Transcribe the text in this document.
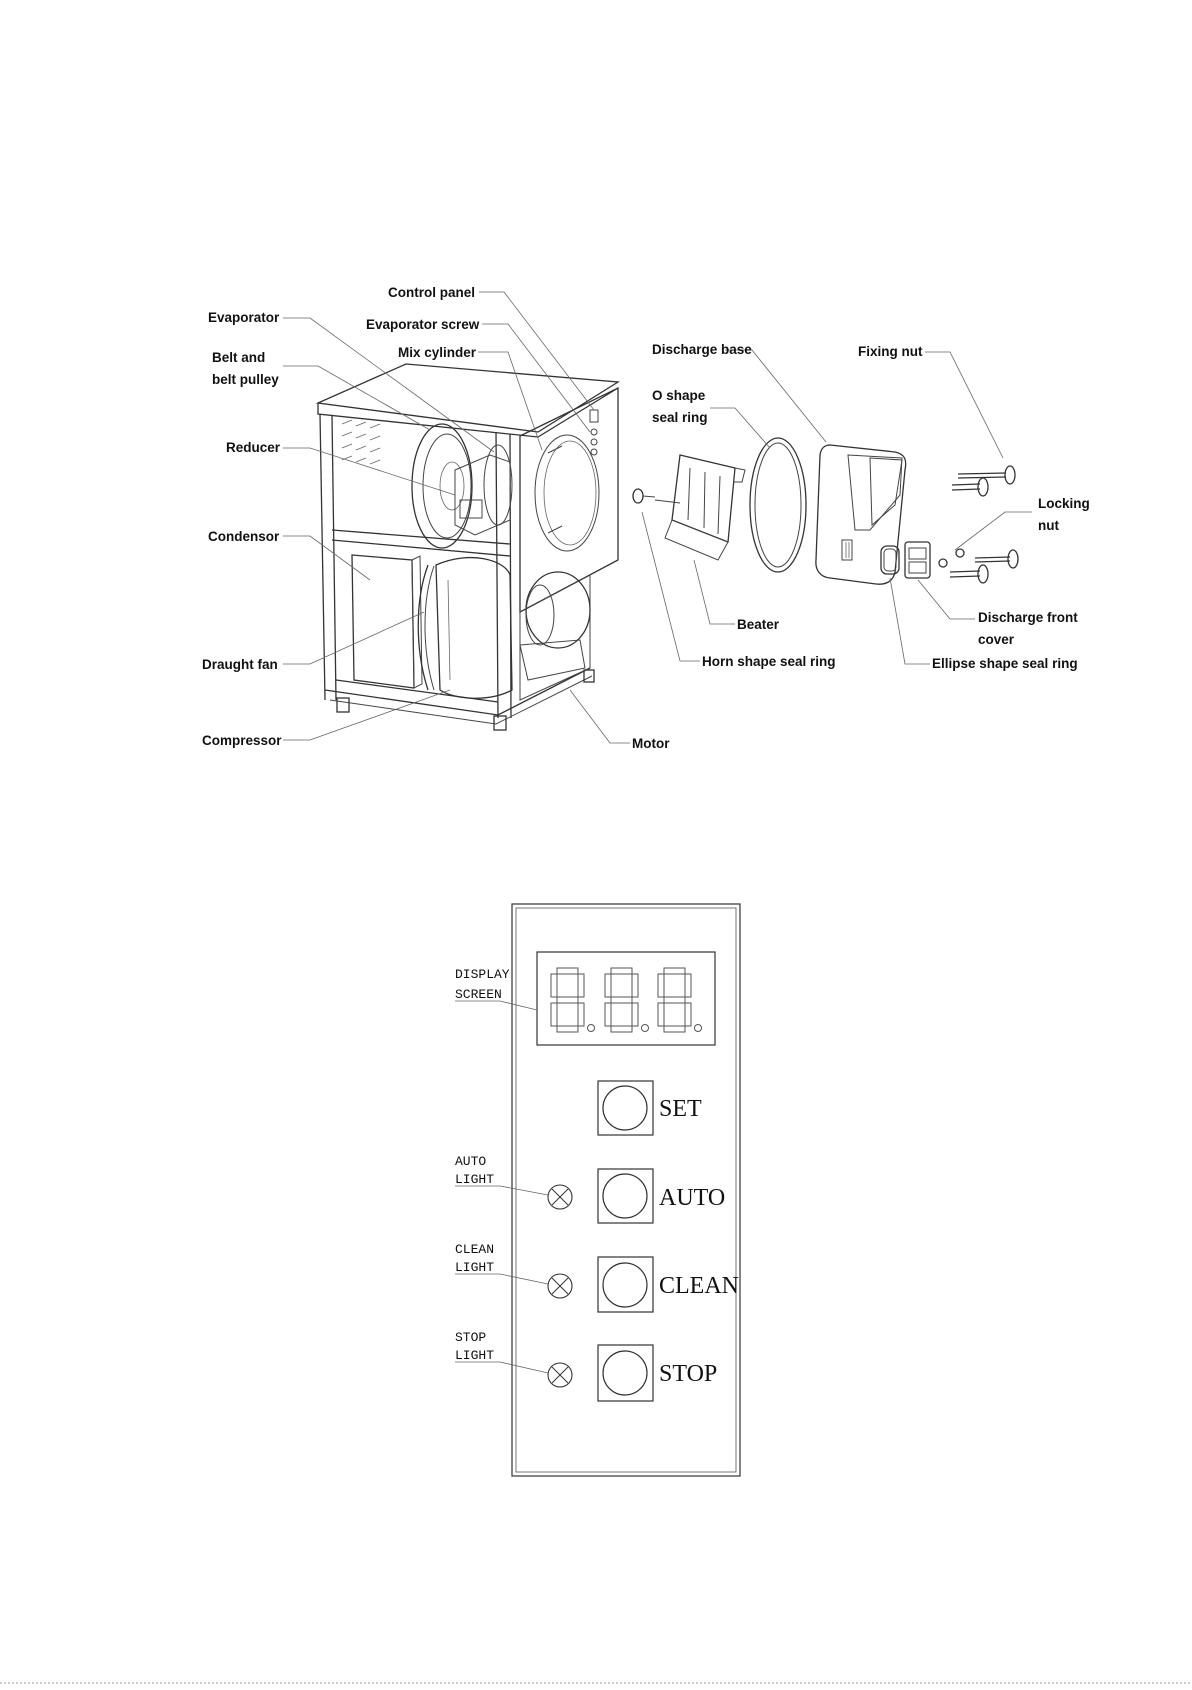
Control panel
Evaporator	Evaporator screw
Mix cylinder
Belt and
belt pulley
Reducer
Condensor
Draught fan
Compressor	Motor
Discharge base
O shape
seal ring
Fixing nut
Locking
nut
Beater
Horn shape seal ring
Discharge front
cover
Ellipse shape seal ring
DISPLAY
SCREEN
SET
AUTO
CLEAN
STOP
AUTO
LIGHT
CLEAN
LIGHT
STOP
LIGHT
